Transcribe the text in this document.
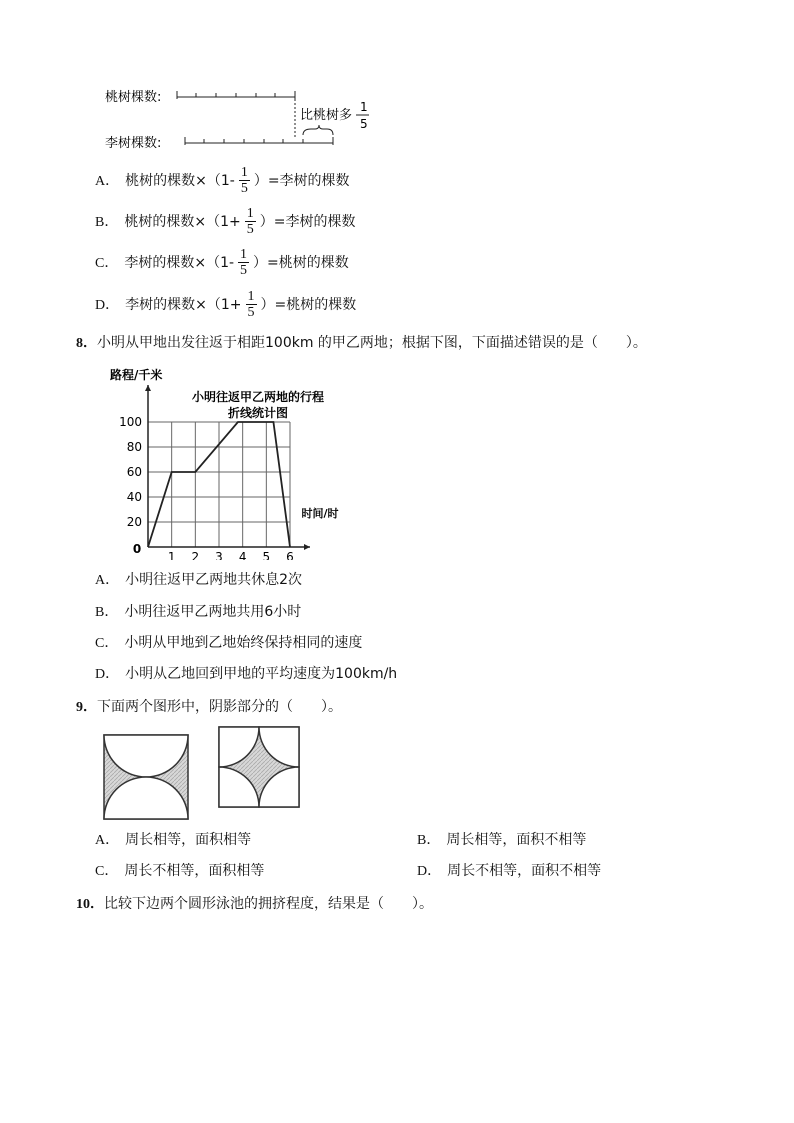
桃树棵数:
李树棵数:
比桃树多
1
5
A． 桃树的棵数$\times(1- \frac{1}{5}$ ）=李树的棵数
B． 桃树的棵数$\times(1+ \frac{1}{5}$ ）=李树的棵数
C． 李树的棵数$\times(1- \frac{1}{5}$ ）=桃树的棵数
D． 李树的棵数$\times(1+ \frac{1}{5}$ ）=桃树的棵数
8．小明从甲地出发往返于相距100km 的甲乙两地；根据下图，下面描述错误的是（　　）。
20
40
60
80
100
1 2 3 4 5 6
路程/千米
小明往返甲乙两地的行程
折线统计图
时间/时
0
A． 小明往返甲乙两地共休息2次
B． 小明往返甲乙两地共用6小时
C． 小明从甲地到乙地始终保持相同的速度
D． 小明从乙地回到甲地的平均速度为100km/h
9．下面两个图形中，阴影部分的（　　）。
A． 周长相等，面积相等	B． 周长相等，面积不相等
C． 周长不相等，面积相等	D． 周长不相等，面积不相等
10．比较下边两个圆形泳池的拥挤程度，结果是（　　）。
